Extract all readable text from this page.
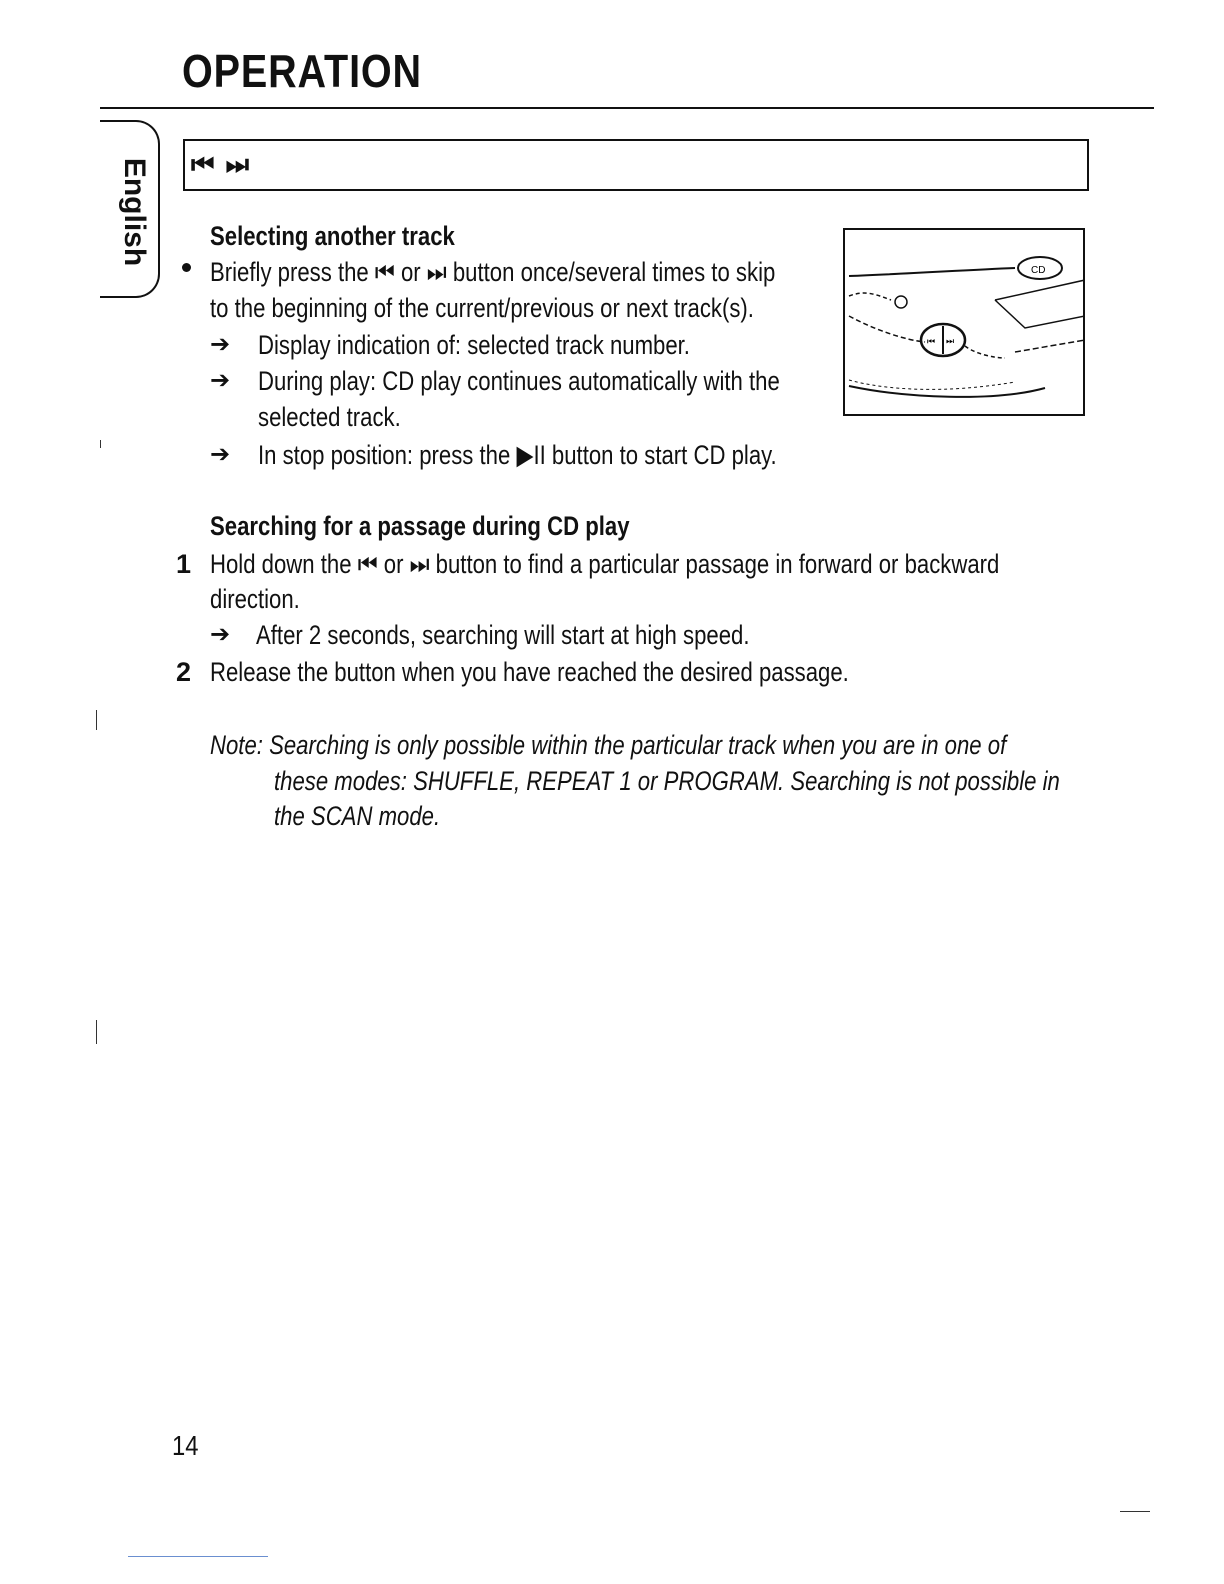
OPERATION
English ⏮ ⏭
CD
⏮ ⏭
Selecting another track
Briefly press the ⏮ or ⏭ button once/several times to skip
to the beginning of the current/previous or next track(s).
➔ Display indication of: selected track number.
➔ During play: CD play continues automatically with the
selected track.
➔ In stop position: press the ▶II button to start CD play.
Searching for a passage during CD play
1 Hold down the ⏮ or ⏭ button to find a particular passage in forward or backward
direction.
➔ After 2 seconds, searching will start at high speed.
2 Release the button when you have reached the desired passage.
Note: Searching is only possible within the particular track when you are in one of
these modes: SHUFFLE, REPEAT 1 or PROGRAM. Searching is not possible in
the SCAN mode.
14
